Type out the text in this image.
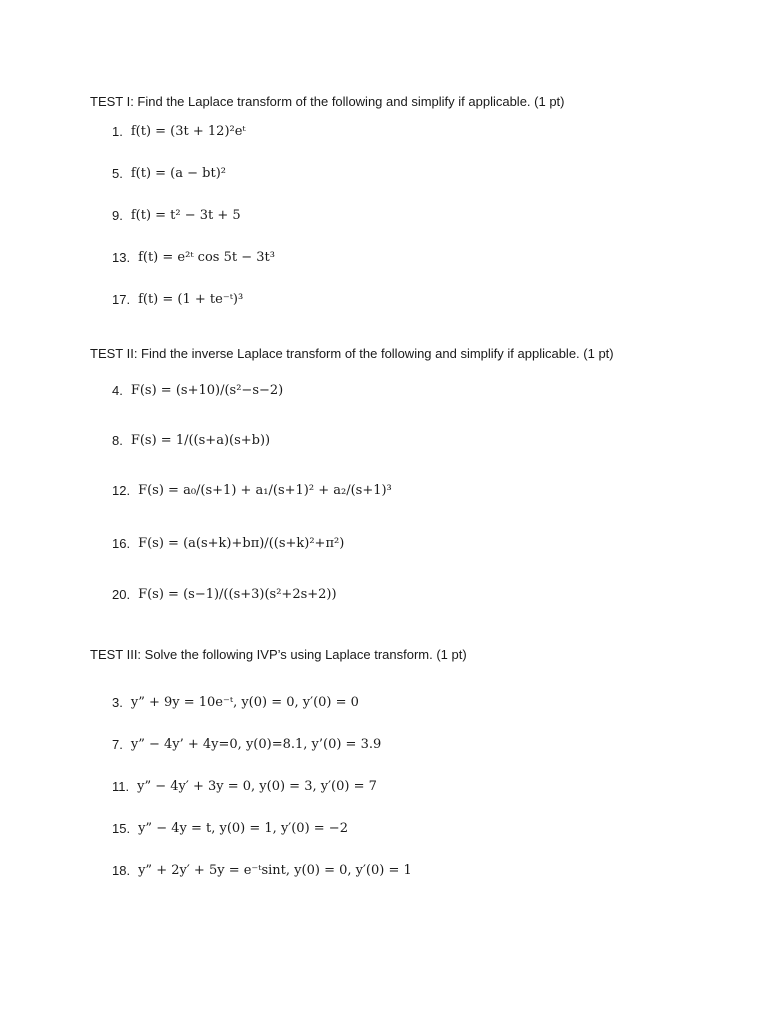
TEST I: Find the Laplace transform of the following and simplify if applicable. (1 pt)
1. f(t) = (3t + 12)²eᵗ
5. f(t) = (a − bt)²
9. f(t) = t² − 3t + 5
13. f(t) = e²ᵗ cos 5t − 3t³
17. f(t) = (1 + te⁻ᵗ)³
TEST II: Find the inverse Laplace transform of the following and simplify if applicable. (1 pt)
4. F(s) = (s+10)/(s²−s−2)
8. F(s) = 1/((s+a)(s+b))
12. F(s) = a₀/(s+1) + a₁/(s+1)² + a₂/(s+1)³
16. F(s) = (a(s+k)+bπ)/((s+k)²+π²)
20. F(s) = (s−1)/((s+3)(s²+2s+2))
TEST III: Solve the following IVP’s using Laplace transform. (1 pt)
3. y” + 9y = 10e⁻ᵗ, y(0) = 0, y′(0) = 0
7. y” − 4y’ + 4y=0, y(0)=8.1, y’(0) = 3.9
11. y” − 4y′ + 3y = 0, y(0) = 3, y′(0) = 7
15. y” − 4y = t, y(0) = 1, y′(0) = −2
18. y” + 2y′ + 5y = e⁻ᵗsint, y(0) = 0, y′(0) = 1
